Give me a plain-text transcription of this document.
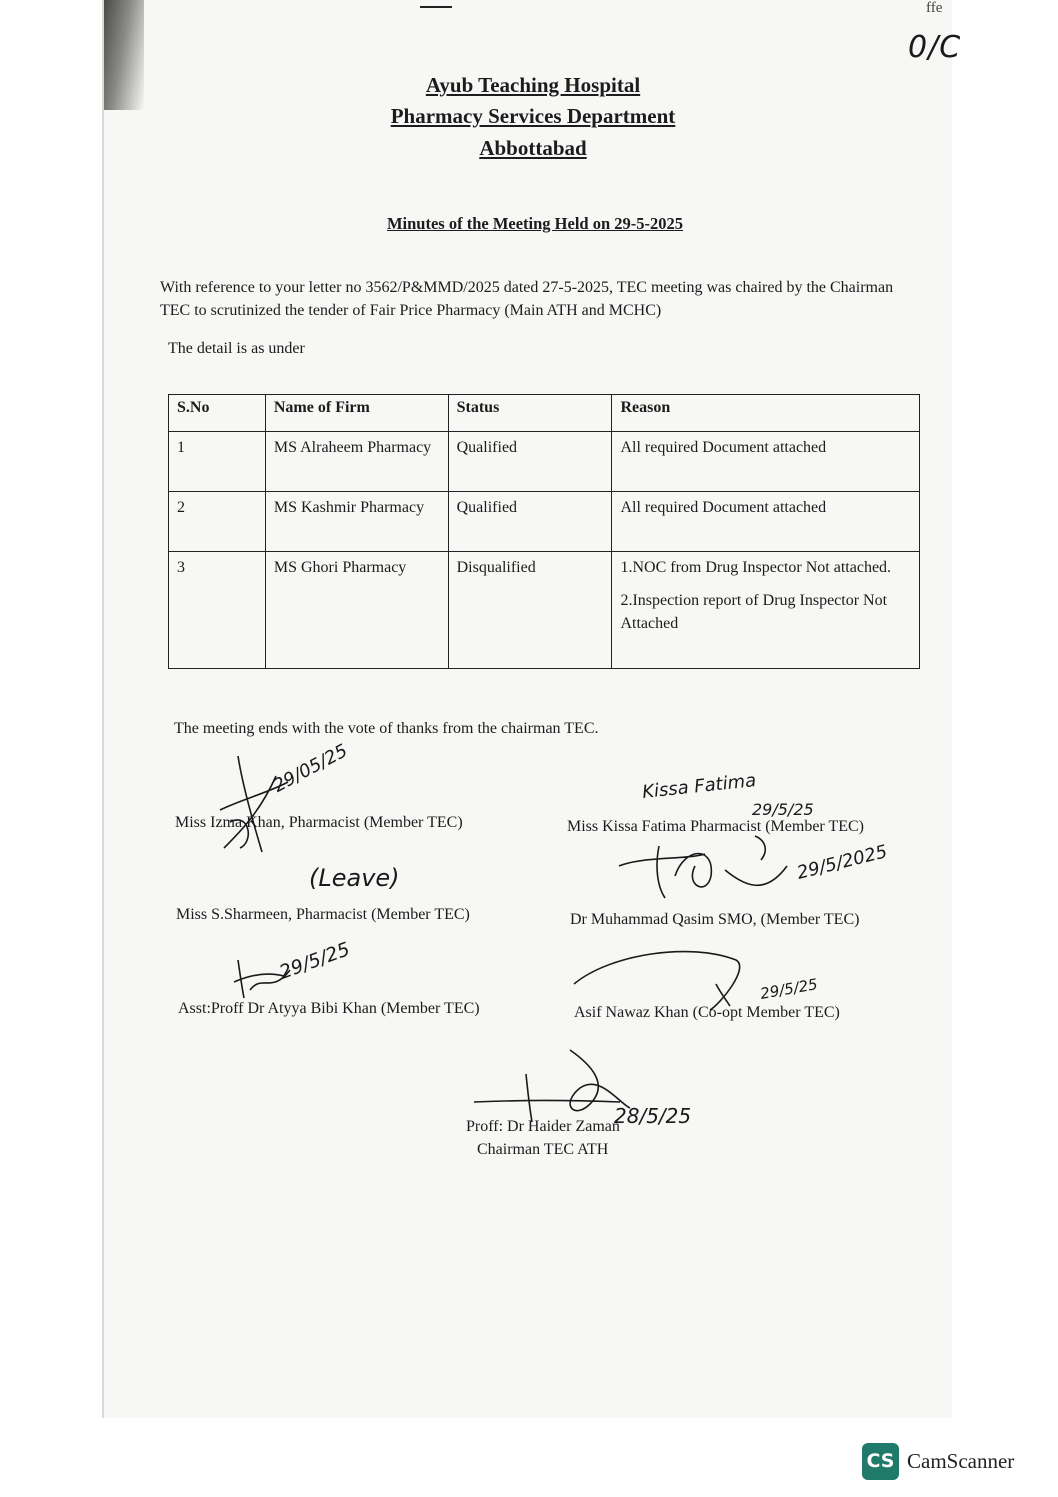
ffe
0/C
Ayub Teaching Hospital
Pharmacy Services Department
Abbottabad
Minutes of the Meeting Held on 29-5-2025
With reference to your letter no 3562/P&MMD/2025 dated 27-5-2025, TEC meeting was chaired by the Chairman TEC to scrutinized the tender of Fair Price Pharmacy (Main ATH and MCHC)
The detail is as under
S.No	Name of Firm	Status	Reason
1	MS Alraheem Pharmacy	Qualified	All required Document attached
2	MS Kashmir Pharmacy	Qualified	All required Document attached
3	MS Ghori Pharmacy	Disqualified	1.NOC from Drug Inspector Not attached.

2.Inspection report of Drug Inspector Not Attached

The meeting ends with the vote of thanks from the chairman TEC.
Miss Izma Khan, Pharmacist (Member TEC)	Miss Kissa Fatima Pharmacist (Member TEC)
Miss S.Sharmeen, Pharmacist (Member TEC)	Dr Muhammad Qasim SMO, (Member TEC)
Asst:Proff Dr Atyya Bibi Khan (Member TEC)	Asif Nawaz Khan (Co-opt Member TEC)
Proff: Dr Haider Zaman
Chairman TEC ATH
(Leave)
29/05/25	Kissa Fatima
29/5/25
29/5/2025
29/5/25
29/5/25
28/5/25
CS CamScanner
